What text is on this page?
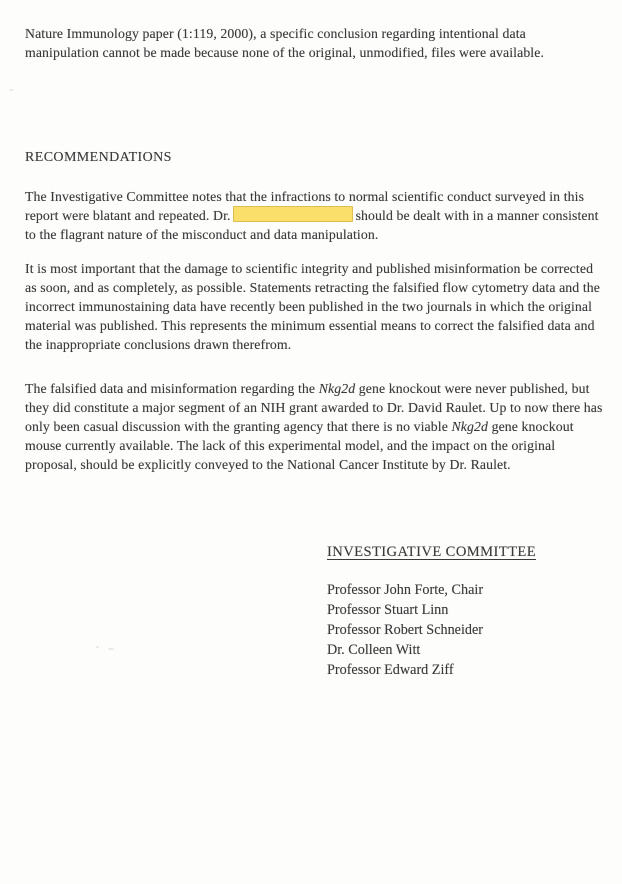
Nature Immunology paper (1:119, 2000), a specific conclusion regarding intentional data manipulation cannot be made because none of the original, unmodified, files were available.

RECOMMENDATIONS

The Investigative Committee notes that the infractions to normal scientific conduct surveyed in this report were blatant and repeated. Dr.	should be dealt with in a manner consistent to the flagrant nature of the misconduct and data manipulation.

It is most important that the damage to scientific integrity and published misinformation be corrected as soon, and as completely, as possible. Statements retracting the falsified flow cytometry data and the incorrect immunostaining data have recently been published in the two journals in which the original material was published. This represents the minimum essential means to correct the falsified data and the inappropriate conclusions drawn therefrom.

The falsified data and misinformation regarding the Nkg2d gene knockout were never published, but they did constitute a major segment of an NIH grant awarded to Dr. David Raulet. Up to now there has only been casual discussion with the granting agency that there is no viable Nkg2d gene knockout mouse currently available. The lack of this experimental model, and the impact on the original proposal, should be explicitly conveyed to the National Cancer Institute by Dr. Raulet.

INVESTIGATIVE COMMITTEE
Professor John Forte, Chair
Professor Stuart Linn
Professor Robert Schneider
Dr. Colleen Witt
Professor Edward Ziff
